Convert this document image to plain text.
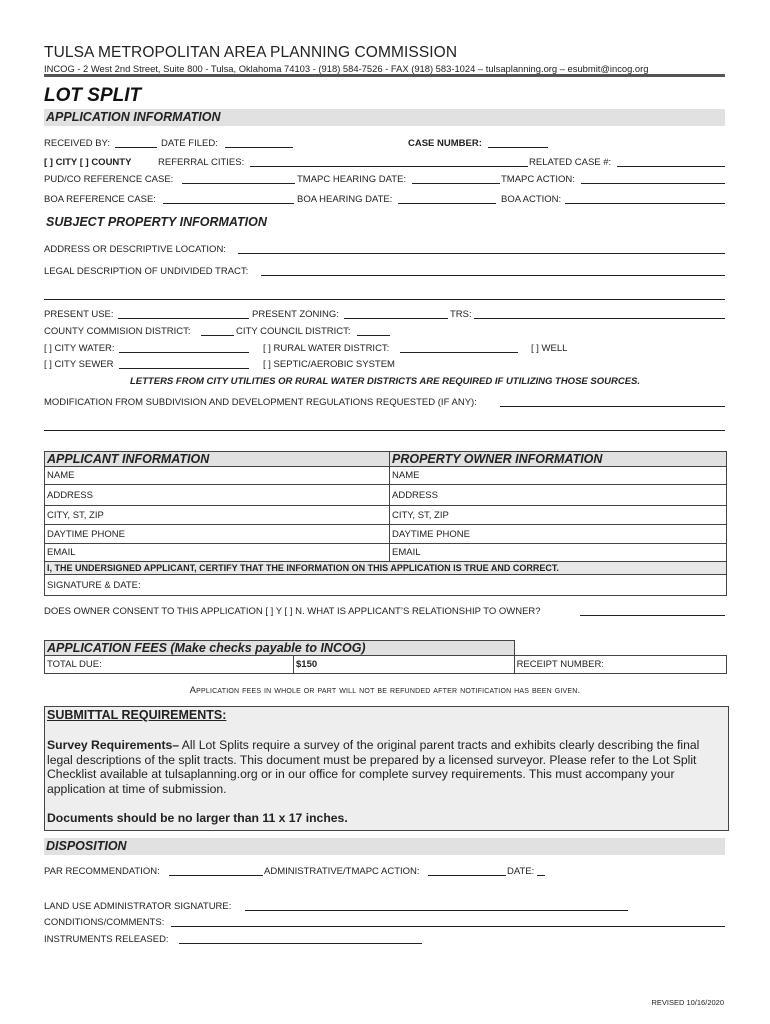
TULSA METROPOLITAN AREA PLANNING COMMISSION
INCOG - 2 West 2nd Street, Suite 800 - Tulsa, Oklahoma 74103 - (918) 584-7526 - FAX (918) 583-1024 – tulsaplanning.org – esubmit@incog.org
LOT SPLIT
APPLICATION INFORMATION
RECEIVED BY:	DATE FILED:	CASE NUMBER:
[ ] CITY [ ] COUNTY	REFERRAL CITIES:	RELATED CASE #:
PUD/CO REFERENCE CASE:	TMAPC HEARING DATE:	TMAPC ACTION:
BOA REFERENCE CASE:	BOA HEARING DATE:	BOA ACTION:
SUBJECT PROPERTY INFORMATION
ADDRESS OR DESCRIPTIVE LOCATION:
LEGAL DESCRIPTION OF UNDIVIDED TRACT:
PRESENT USE:	PRESENT ZONING:	TRS:
COUNTY COMMISION DISTRICT:	CITY COUNCIL DISTRICT:
[ ] CITY WATER:	[ ] RURAL WATER DISTRICT:	[ ] WELL
[ ] CITY SEWER	[ ] SEPTIC/AEROBIC SYSTEM
LETTERS FROM CITY UTILITIES OR RURAL WATER DISTRICTS ARE REQUIRED IF UTILIZING THOSE SOURCES.
MODIFICATION FROM SUBDIVISION AND DEVELOPMENT REGULATIONS REQUESTED (IF ANY):
APPLICANT INFORMATION	PROPERTY OWNER INFORMATION
NAME	NAME
ADDRESS	ADDRESS
CITY, ST, ZIP	CITY, ST, ZIP
DAYTIME PHONE	DAYTIME PHONE
EMAIL	EMAIL
I, THE UNDERSIGNED APPLICANT, CERTIFY THAT THE INFORMATION ON THIS APPLICATION IS TRUE AND CORRECT.	
SIGNATURE & DATE:	
DOES OWNER CONSENT TO THIS APPLICATION [ ] Y [ ] N. WHAT IS APPLICANT’S RELATIONSHIP TO OWNER?
APPLICATION FEES (Make checks payable to INCOG)		
TOTAL DUE:	$150	RECEIPT NUMBER:
Application fees in whole or part will not be refunded after notification has been given.
SUBMITTAL REQUIREMENTS:
Survey Requirements– All Lot Splits require a survey of the original parent tracts and exhibits clearly describing the final legal descriptions of the split tracts. This document must be prepared by a licensed surveyor. Please refer to the Lot Split Checklist available at tulsaplanning.org or in our office for complete survey requirements. This must accompany your application at time of submission.
Documents should be no larger than 11 x 17 inches.
DISPOSITION
PAR RECOMMENDATION:	ADMINISTRATIVE/TMAPC ACTION:	DATE:
LAND USE ADMINISTRATOR SIGNATURE:
CONDITIONS/COMMENTS:
INSTRUMENTS RELEASED:
REVISED 10/16/2020
